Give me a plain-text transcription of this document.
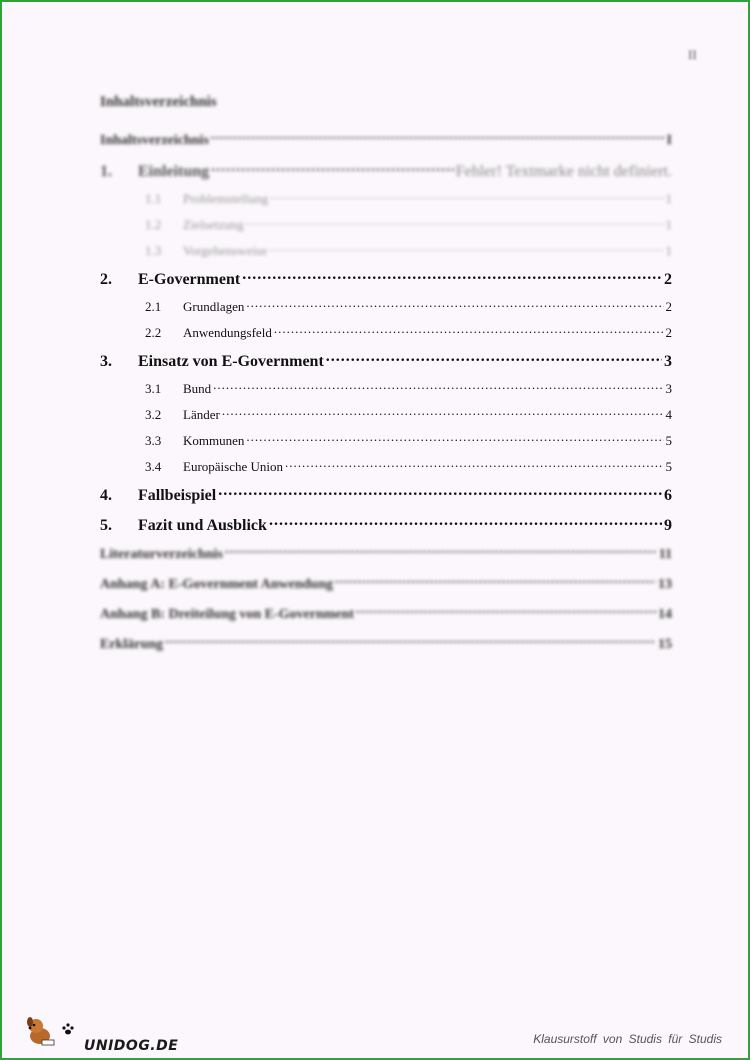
II
Inhaltsverzeichnis
Inhaltsverzeichnis .....	I
1.	Einleitung .....	Fehler! Textmarke nicht definiert.
1.1	Problemstellung .....	1
1.2	Zielsetzung .....	1
1.3	Vorgehensweise .....	1
2.	E-Government .....	2
2.1	Grundlagen .....	2
2.2	Anwendungsfeld .....	2
3.	Einsatz von E-Government .....	3
3.1	Bund .....	3
3.2	Länder .....	4
3.3	Kommunen .....	5
3.4	Europäische Union .....	5
4.	Fallbeispiel .....	6
5.	Fazit und Ausblick .....	9
Literaturverzeichnis .....	11
Anhang A: E-Government Anwendung .....	13
Anhang B: Dreiteilung von E-Government .....	14
Erklärung .....	15
UNIDOG.DE	Klausurstoff von Studis für Studis
